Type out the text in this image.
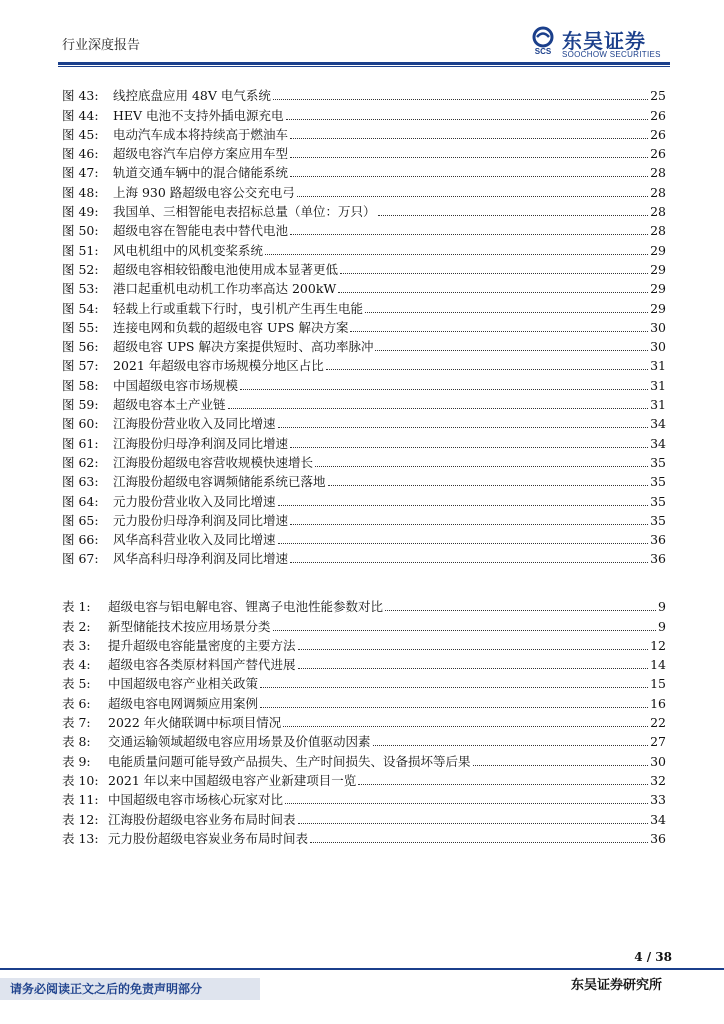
行业深度报告	SCS 东吴证券
SOOCHOW SECURITIES
图 43:	线控底盘应用 48V 电气系统	25
图 44:	HEV 电池不支持外插电源充电	26
图 45:	电动汽车成本将持续高于燃油车	26
图 46:	超级电容汽车启停方案应用车型	26
图 47:	轨道交通车辆中的混合储能系统	28
图 48:	上海 930 路超级电容公交充电弓	28
图 49:	我国单、三相智能电表招标总量（单位：万只）	28
图 50:	超级电容在智能电表中替代电池	28
图 51:	风电机组中的风机变桨系统	29
图 52:	超级电容相较铅酸电池使用成本显著更低	29
图 53:	港口起重机电动机工作功率高达 200kW	29
图 54:	轻载上行或重载下行时，曳引机产生再生电能	29
图 55:	连接电网和负载的超级电容 UPS 解决方案	30
图 56:	超级电容 UPS 解决方案提供短时、高功率脉冲	30
图 57:	2021 年超级电容市场规模分地区占比	31
图 58:	中国超级电容市场规模	31
图 59:	超级电容本土产业链	31
图 60:	江海股份营业收入及同比增速	34
图 61:	江海股份归母净利润及同比增速	34
图 62:	江海股份超级电容营收规模快速增长	35
图 63:	江海股份超级电容调频储能系统已落地	35
图 64:	元力股份营业收入及同比增速	35
图 65:	元力股份归母净利润及同比增速	35
图 66:	风华高科营业收入及同比增速	36
图 67:	风华高科归母净利润及同比增速	36
表 1:	超级电容与铝电解电容、锂离子电池性能参数对比	9
表 2:	新型储能技术按应用场景分类	9
表 3:	提升超级电容能量密度的主要方法	12
表 4:	超级电容各类原材料国产替代进展	14
表 5:	中国超级电容产业相关政策	15
表 6:	超级电容电网调频应用案例	16
表 7:	2022 年火储联调中标项目情况	22
表 8:	交通运输领域超级电容应用场景及价值驱动因素	27
表 9:	电能质量问题可能导致产品损失、生产时间损失、设备损坏等后果	30
表 10: 2021 年以来中国超级电容产业新建项目一览	32
表 11: 中国超级电容市场核心玩家对比	33
表 12: 江海股份超级电容业务布局时间表	34
表 13: 元力股份超级电容炭业务布局时间表	36
4 / 38
请务必阅读正文之后的免责声明部分	东吴证券研究所
